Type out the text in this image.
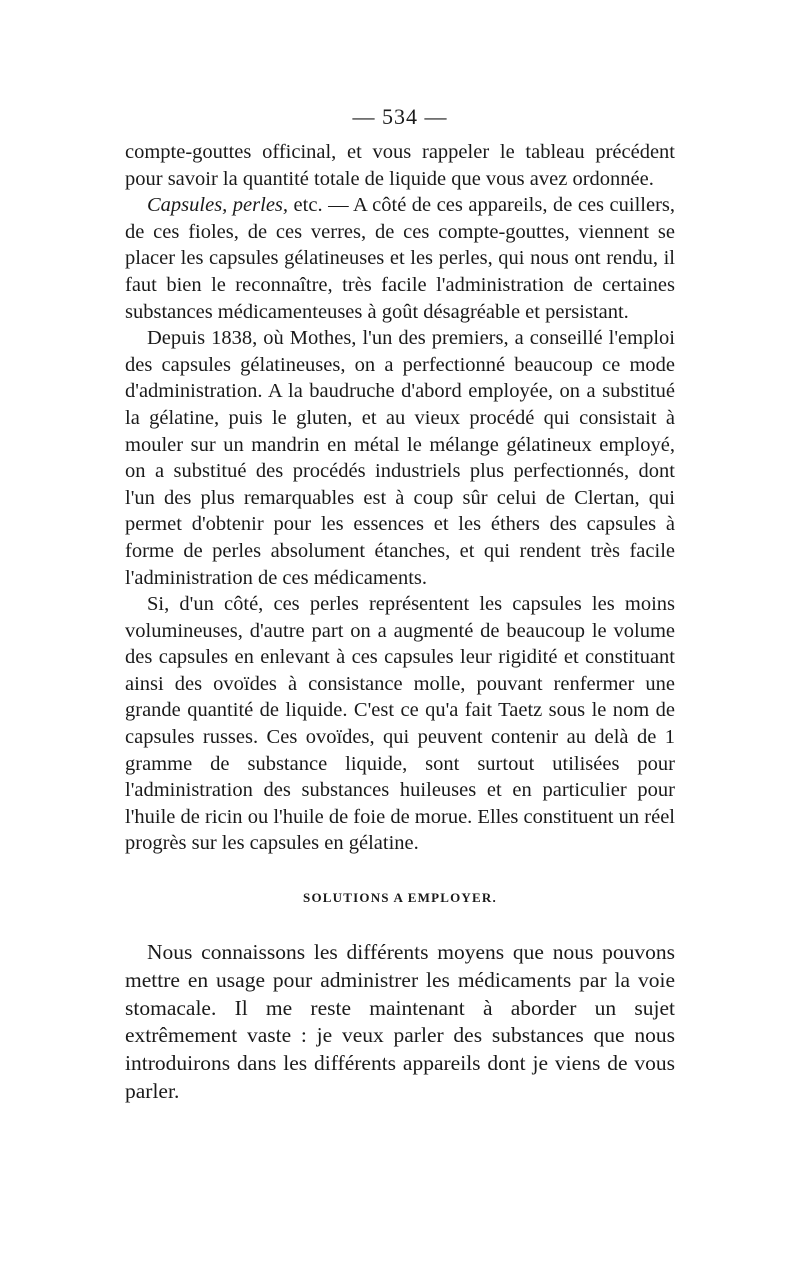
— 534 —

compte-gouttes officinal, et vous rappeler le tableau précédent pour savoir la quantité totale de liquide que vous avez ordonnée.

Capsules, perles, etc. — A côté de ces appareils, de ces cuillers, de ces fioles, de ces verres, de ces compte-gouttes, viennent se placer les capsules gélatineuses et les perles, qui nous ont rendu, il faut bien le reconnaître, très facile l'administration de certaines substances médicamenteuses à goût désagréable et persistant.

Depuis 1838, où Mothes, l'un des premiers, a conseillé l'emploi des capsules gélatineuses, on a perfectionné beaucoup ce mode d'administration. A la baudruche d'abord employée, on a substitué la gélatine, puis le gluten, et au vieux procédé qui consistait à mouler sur un mandrin en métal le mélange gélatineux employé, on a substitué des procédés industriels plus perfectionnés, dont l'un des plus remarquables est à coup sûr celui de Clertan, qui permet d'obtenir pour les essences et les éthers des capsules à forme de perles absolument étanches, et qui rendent très facile l'administration de ces médicaments.

Si, d'un côté, ces perles représentent les capsules les moins volumineuses, d'autre part on a augmenté de beaucoup le volume des capsules en enlevant à ces capsules leur rigidité et constituant ainsi des ovoïdes à consistance molle, pouvant renfermer une grande quantité de liquide. C'est ce qu'a fait Taetz sous le nom de capsules russes. Ces ovoïdes, qui peuvent contenir au delà de 1 gramme de substance liquide, sont surtout utilisées pour l'administration des substances huileuses et en particulier pour l'huile de ricin ou l'huile de foie de morue. Elles constituent un réel progrès sur les capsules en gélatine.

SOLUTIONS A EMPLOYER.

Nous connaissons les différents moyens que nous pouvons mettre en usage pour administrer les médicaments par la voie stomacale. Il me reste maintenant à aborder un sujet extrêmement vaste : je veux parler des substances que nous introduirons dans les différents appareils dont je viens de vous parler.
